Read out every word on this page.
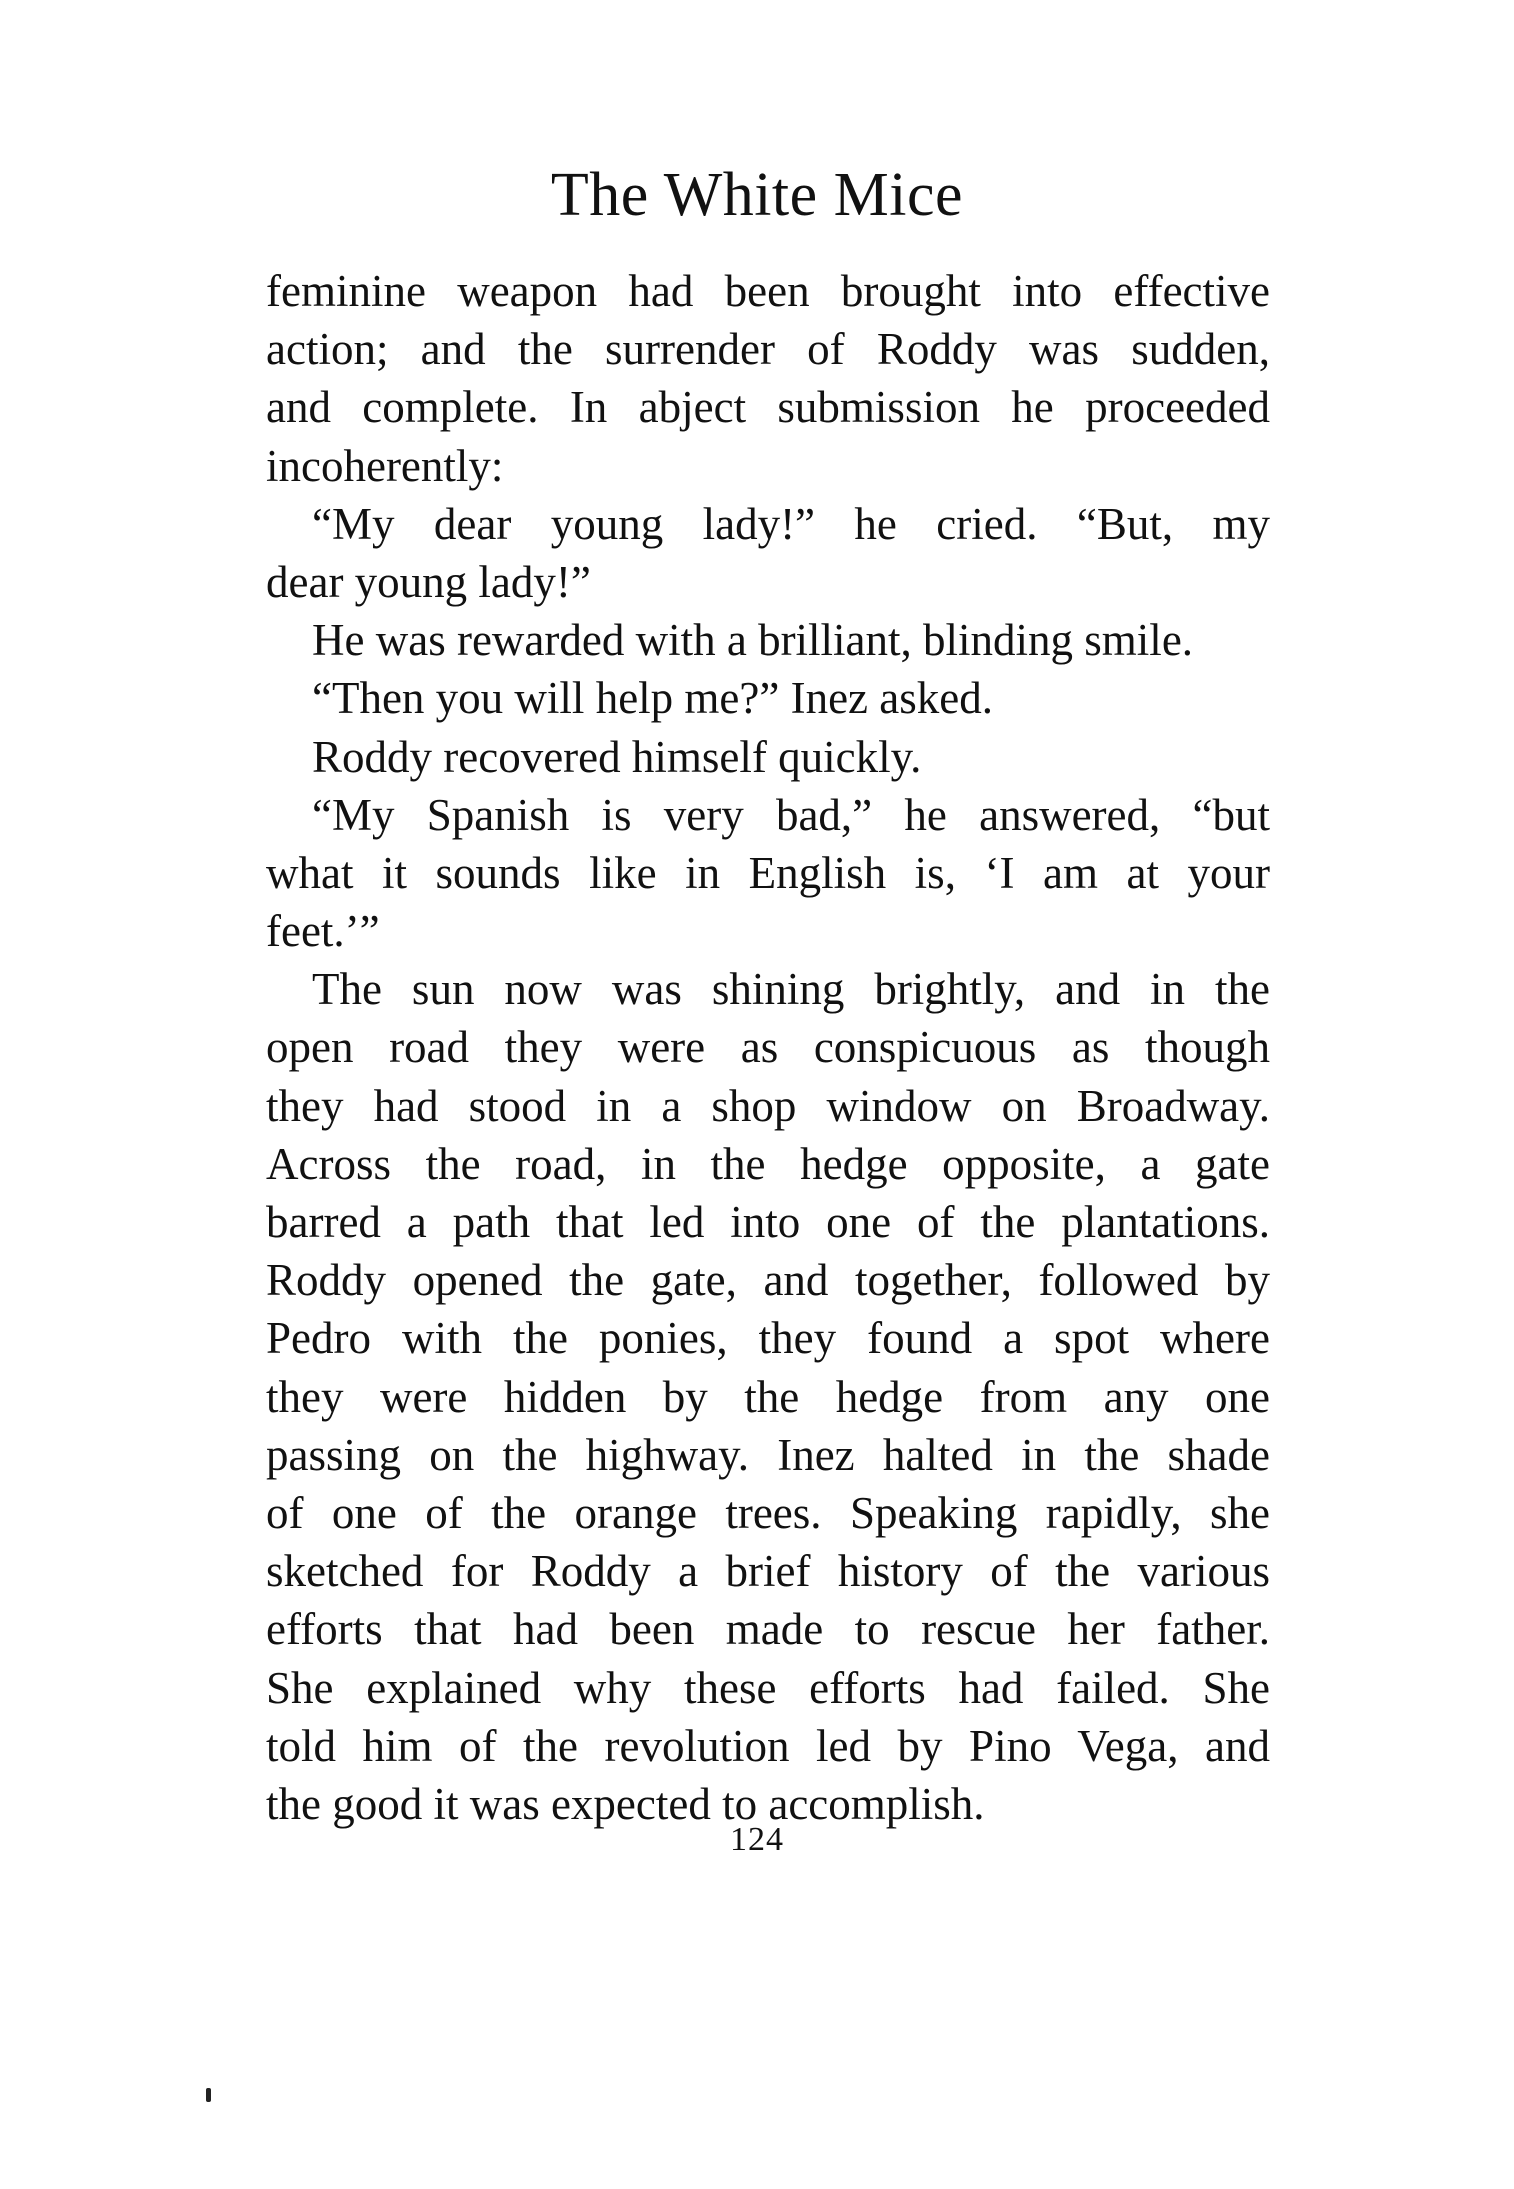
The White Mice
feminine weapon had been brought into effective
action; and the surrender of Roddy was sudden,
and complete. In abject submission he proceeded
incoherently:
“My dear young lady!” he cried. “But, my
dear young lady!”
He was rewarded with a brilliant, blinding smile.
“Then you will help me?” Inez asked.
Roddy recovered himself quickly.
“My Spanish is very bad,” he answered, “but
what it sounds like in English is, ‘I am at your
feet.’”
The sun now was shining brightly, and in the
open road they were as conspicuous as though
they had stood in a shop window on Broadway.
Across the road, in the hedge opposite, a gate
barred a path that led into one of the plantations.
Roddy opened the gate, and together, followed by
Pedro with the ponies, they found a spot where
they were hidden by the hedge from any one
passing on the highway. Inez halted in the shade
of one of the orange trees. Speaking rapidly, she
sketched for Roddy a brief history of the various
efforts that had been made to rescue her father.
She explained why these efforts had failed. She
told him of the revolution led by Pino Vega, and
the good it was expected to accomplish.
124
